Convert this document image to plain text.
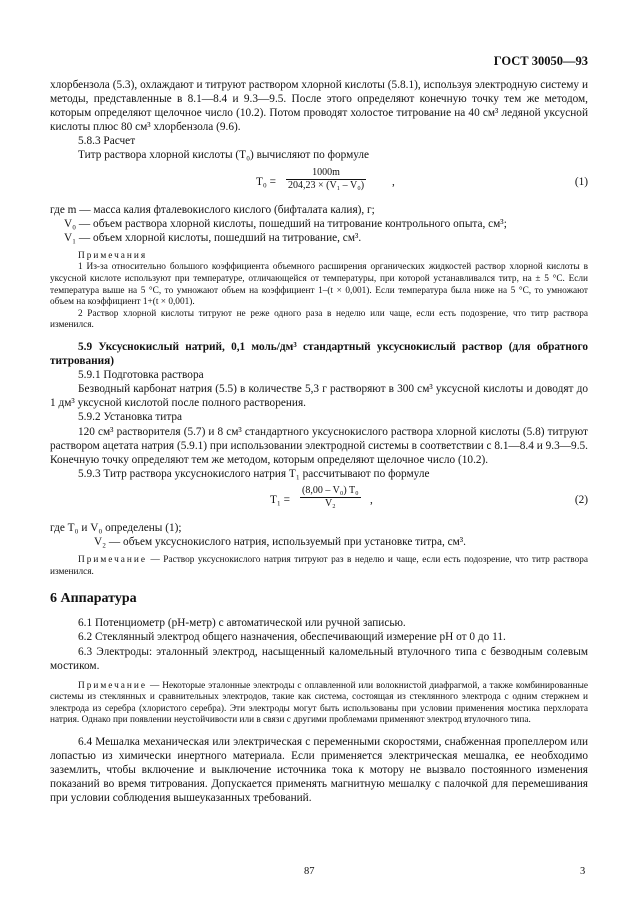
ГОСТ 30050—93

хлорбензола (5.3), охлаждают и титруют раствором хлорной кислоты (5.8.1), используя электродную систему и методы, представленные в 8.1—8.4 и 9.3—9.5. После этого определяют конечную точку тем же методом, которым определяют щелочное число (10.2). Потом проводят холостое титрование на 40 см³ ледяной уксусной кислоты плюс 80 см³ хлорбензола (9.6).

5.8.3 Расчет

Титр раствора хлорной кислоты (T₀) вычисляют по формуле

T₀ =
1000m
204,23 × (V₁ – V₀) ,	(1)

где m — масса калия фталевокислого кислого (бифталата калия), г;

V₀ — объем раствора хлорной кислоты, пошедший на титрование контрольного опыта, см³;

V₁ — объем хлорной кислоты, пошедший на титрование, см³.

Примечания

1 Из-за относительно большого коэффициента объемного расширения органических жидкостей раствор хлорной кислоты в уксусной кислоте используют при температуре, отличающейся от температуры, при которой устанавливался титр, на ± 5 °С. Если температура выше на 5 °С, то умножают объем на коэффициент 1–(t × 0,001). Если температура была ниже на 5 °С, то умножают объем на коэффициент 1+(t × 0,001).

2 Раствор хлорной кислоты титруют не реже одного раза в неделю или чаще, если есть подозрение, что титр раствора изменился.

5.9 Уксуснокислый натрий, 0,1 моль/дм³ стандартный уксуснокислый раствор (для обратного титрования)

5.9.1 Подготовка раствора

Безводный карбонат натрия (5.5) в количестве 5,3 г растворяют в 300 см³ уксусной кислоты и доводят до 1 дм³ уксусной кислотой после полного растворения.

5.9.2 Установка титра

120 см³ растворителя (5.7) и 8 см³ стандартного уксуснокислого раствора хлорной кислоты (5.8) титруют раствором ацетата натрия (5.9.1) при использовании электродной системы в соответствии с 8.1—8.4 и 9.3—9.5. Конечную точку определяют тем же методом, которым определяют щелочное число (10.2).

5.9.3 Титр раствора уксуснокислого натрия T₁ рассчитывают по формуле

T₁ =
(8,00 – V₀) T₀
V₂	,	(2)

где T₀ и V₀ определены (1);

V₂ — объем уксуснокислого натрия, используемый при установке титра, см³.

Примечание — Раствор уксуснокислого натрия титруют раз в неделю и чаще, если есть подозрение, что титр раствора изменился.

6 Аппаратура

6.1 Потенциометр (рН-метр) с автоматической или ручной записью.

6.2 Стеклянный электрод общего назначения, обеспечивающий измерение рН от 0 до 11.

6.3 Электроды: эталонный электрод, насыщенный каломельный втулочного типа с безводным солевым мостиком.

Примечание — Некоторые эталонные электроды с оплавленной или волокнистой диафрагмой, а также комбинированные системы из стеклянных и сравнительных электродов, такие как система, состоящая из стеклянного электрода с одним стержнем и электрода из серебра (хлористого серебра). Эти электроды могут быть использованы при условии применения мостика перхлората натрия. Однако при появлении неустойчивости или в связи с другими проблемами применяют электрод втулочного типа.

6.4 Мешалка механическая или электрическая с переменными скоростями, снабженная пропеллером или лопастью из химически инертного материала. Если применяется электрическая мешалка, ее необходимо заземлить, чтобы включение и выключение источника тока к мотору не вызвало постоянного изменения показаний во время титрования. Допускается применять магнитную мешалку с палочкой для перемешивания при условии соблюдения вышеуказанных требований.

87	3
